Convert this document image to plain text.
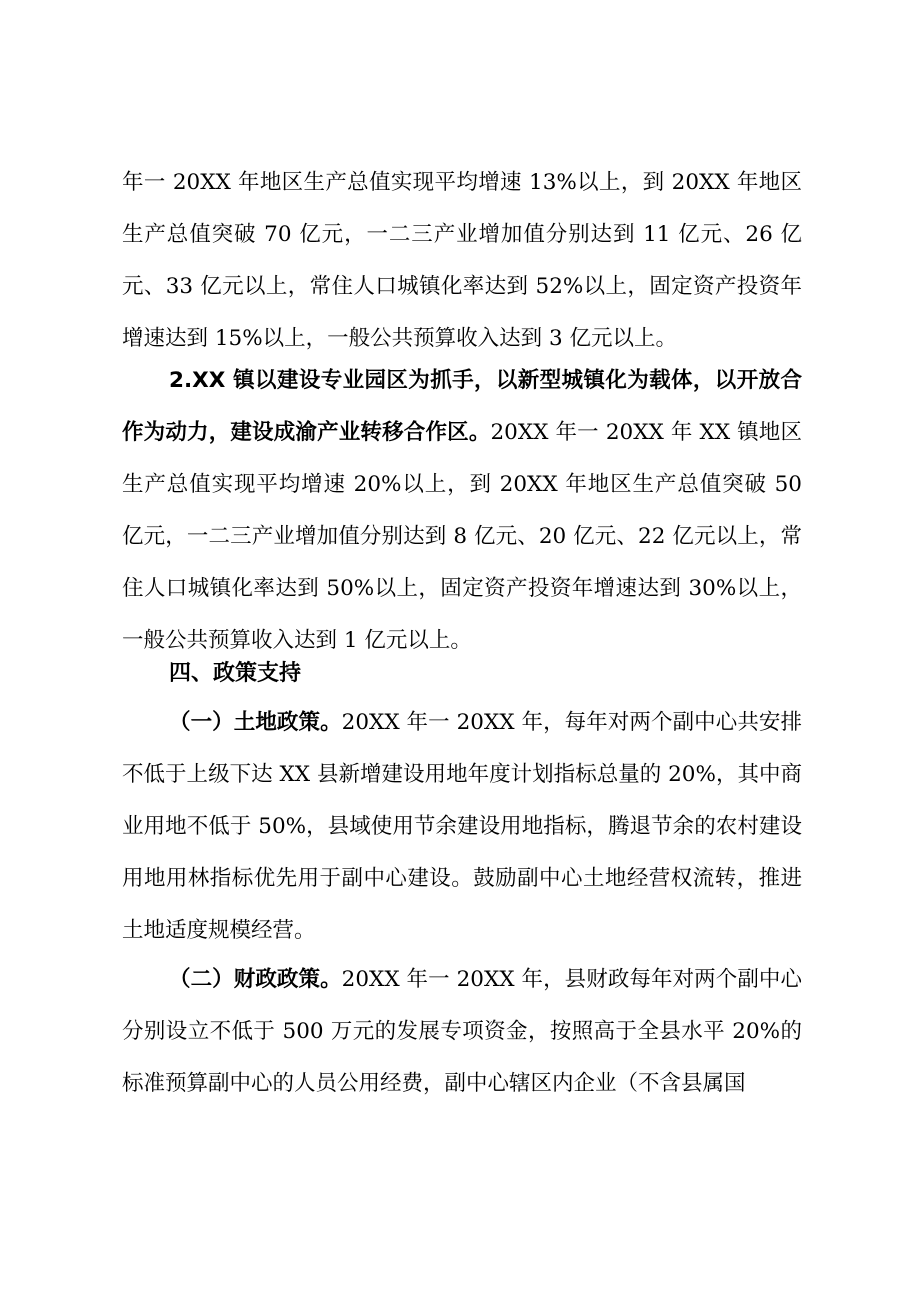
年一 20XX 年地区生产总值实现平均增速 13%以上，到 20XX 年地区生产总值突破 70 亿元，一二三产业增加值分别达到 11 亿元、26 亿元、33 亿元以上，常住人口城镇化率达到 52%以上，固定资产投资年增速达到 15%以上，一般公共预算收入达到 3 亿元以上。

2.XX 镇以建设专业园区为抓手，以新型城镇化为载体，以开放合作为动力，建设成渝产业转移合作区。20XX 年一 20XX 年 XX 镇地区生产总值实现平均增速 20%以上，到 20XX 年地区生产总值突破 50 亿元，一二三产业增加值分别达到 8 亿元、20 亿元、22 亿元以上，常住人口城镇化率达到 50%以上，固定资产投资年增速达到 30%以上，一般公共预算收入达到 1 亿元以上。

四、政策支持

（一）土地政策。20XX 年一 20XX 年，每年对两个副中心共安排不低于上级下达 XX 县新增建设用地年度计划指标总量的 20%，其中商业用地不低于 50%，县域使用节余建设用地指标，腾退节余的农村建设用地用林指标优先用于副中心建设。鼓励副中心土地经营权流转，推进土地适度规模经营。

（二）财政政策。20XX 年一 20XX 年，县财政每年对两个副中心分别设立不低于 500 万元的发展专项资金，按照高于全县水平 20%的标准预算副中心的人员公用经费，副中心辖区内企业（不含县属国
